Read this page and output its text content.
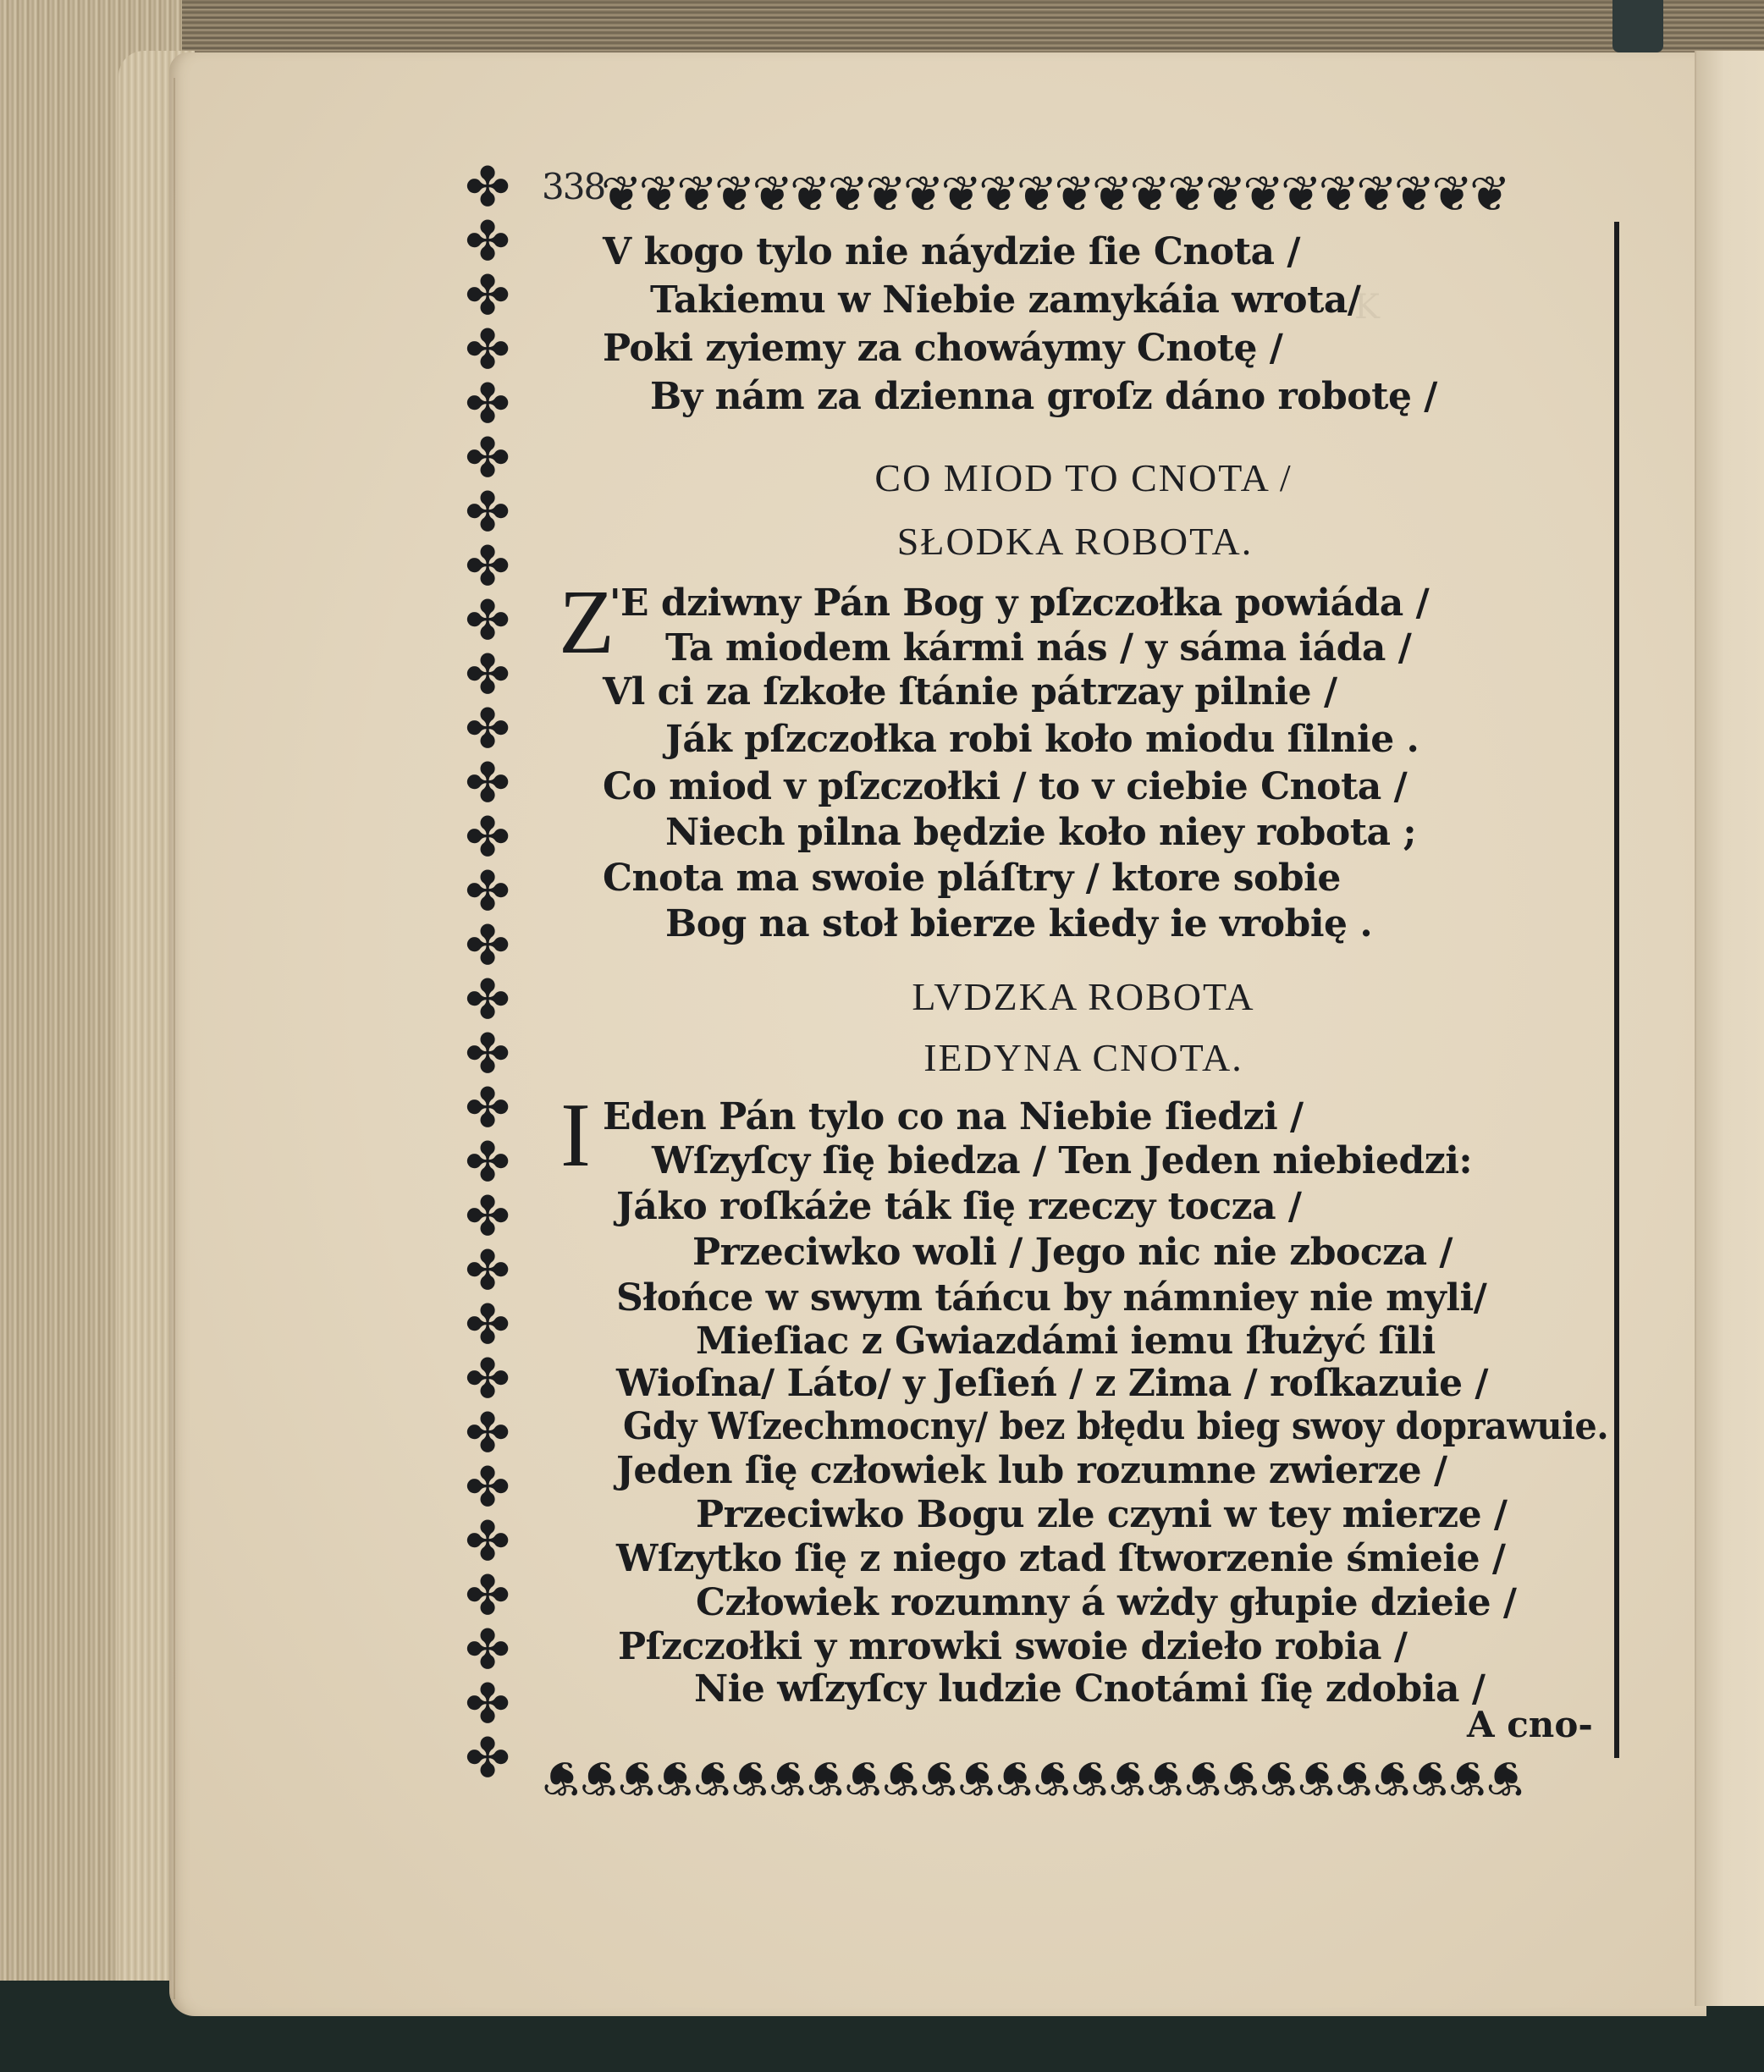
K
❦ ❦ ❦ ❦ ❦ ❦ ❦ ❦ ❦ ❦ ❦ ❦ ❦ ❦ ❦ ❦ ❦ ❦ ❦ ❦ ❦ ❦ ❦ ❦
❦ ❦ ❦ ❦ ❦ ❦ ❦ ❦ ❦ ❦ ❦ ❦ ❦ ❦ ❦ ❦ ❦ ❦ ❦ ❦ ❦ ❦ ❦ ❦ ❦ ❦
✤
✤
✤
✤
✤
✤
✤
✤
✤
✤
✤
✤
✤
✤
✤
✤
✤
✤
✤
✤
✤
✤
✤
✤
✤
✤
✤
✤
✤
✤
338
V kogo tylo nie náydzie ſie Cnota /
Takiemu w Niebie zamykáia wrota/
Poki zyiemy za chowáymy Cnotę /
By nám za dzienna groſz dáno robotę /
CO MIOD TO CNOTA /
SŁODKA ROBOTA.
Z
'E dziwny Pán Bog y pſzczołka powiáda /
Ta miodem kármi nás / y sáma iáda /
Vl ci za ſzkołe ſtánie pátrzay pilnie /
Ják pſzczołka robi koło miodu ſilnie .
Co miod v pſzczołki / to v ciebie Cnota /
Niech pilna będzie koło niey robota ;
Cnota ma swoie pláſtry / ktore sobie
Bog na stoł bierze kiedy ie vrobię .
LVDZKA ROBOTA
IEDYNA CNOTA.
I Eden Pán tylo co na Niebie ſiedzi /
Wſzyſcy ſię biedza / Ten Jeden niebiedzi:
Jáko roſkáże ták ſię rzeczy tocza /
Przeciwko woli / Jego nic nie zbocza /
Słońce w swym táńcu by námniey nie myli/
Mieſiac z Gwiazdámi iemu ſłużyć ſili
Wioſna/ Láto/ y Jeſień / z Zima / roſkazuie /
Gdy Wſzechmocny/ bez błędu bieg swoy doprawuie.
Jeden ſię człowiek lub rozumne zwierze /
Przeciwko Bogu zle czyni w tey mierze /
Wſzytko ſię z niego ztad ſtworzenie śmieie /
Człowiek rozumny á wżdy głupie dzieie /
Pſzczołki y mrowki swoie dzieło robia /
Nie wſzyſcy ludzie Cnotámi ſię zdobia /
A cno-
